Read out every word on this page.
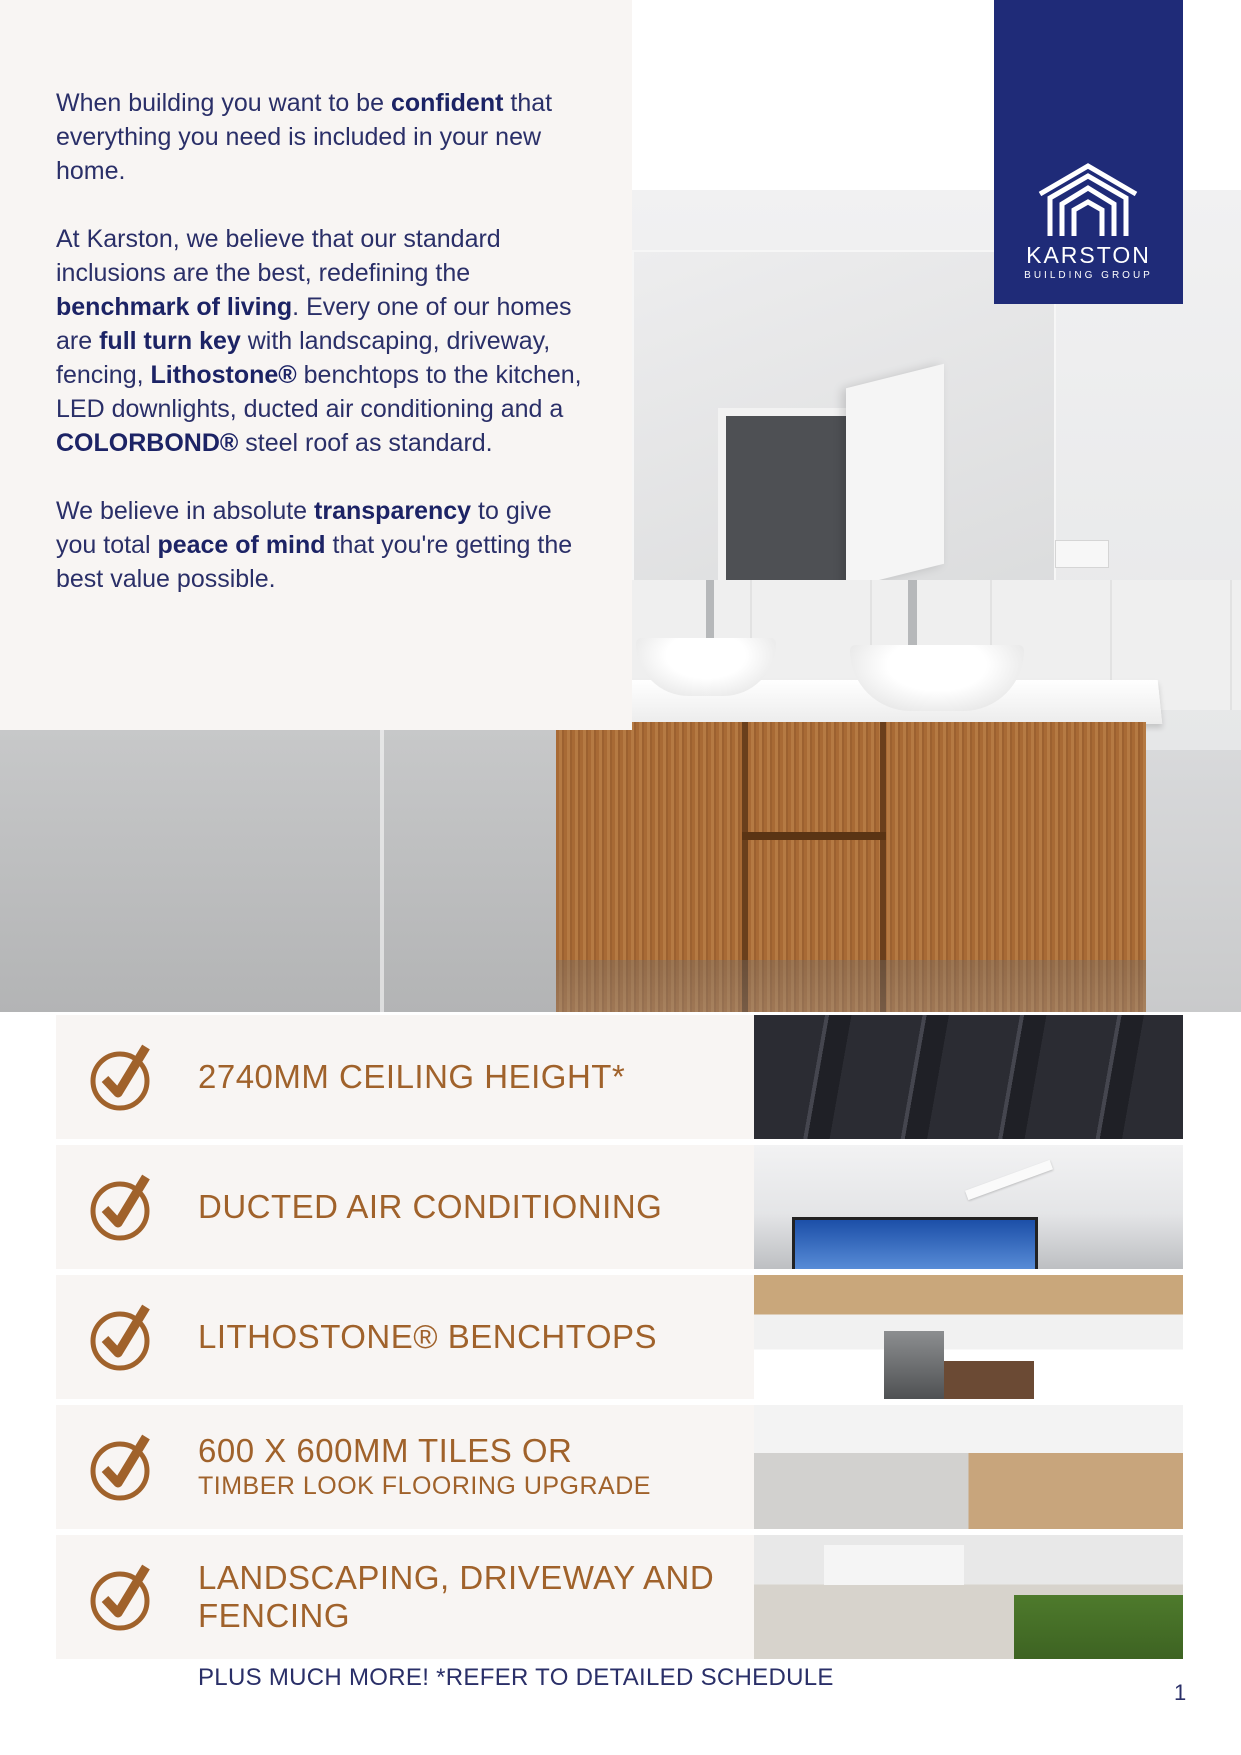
When building you want to be confident that everything you need is included in your new home.

At Karston, we believe that our standard inclusions are the best, redefining the benchmark of living. Every one of our homes are full turn key with landscaping, driveway, fencing, Lithostone® benchtops to the kitchen, LED downlights, ducted air conditioning and a COLORBOND® steel roof as standard.

We believe in absolute transparency to give you total peace of mind that you're getting the best value possible.

KARSTON
BUILDING GROUP
2740MM CEILING HEIGHT*
DUCTED AIR CONDITIONING
LITHOSTONE® BENCHTOPS
600 X 600MM TILES OR
TIMBER LOOK FLOORING UPGRADE
LANDSCAPING, DRIVEWAY AND FENCING
PLUS MUCH MORE! *REFER TO DETAILED SCHEDULE
1
